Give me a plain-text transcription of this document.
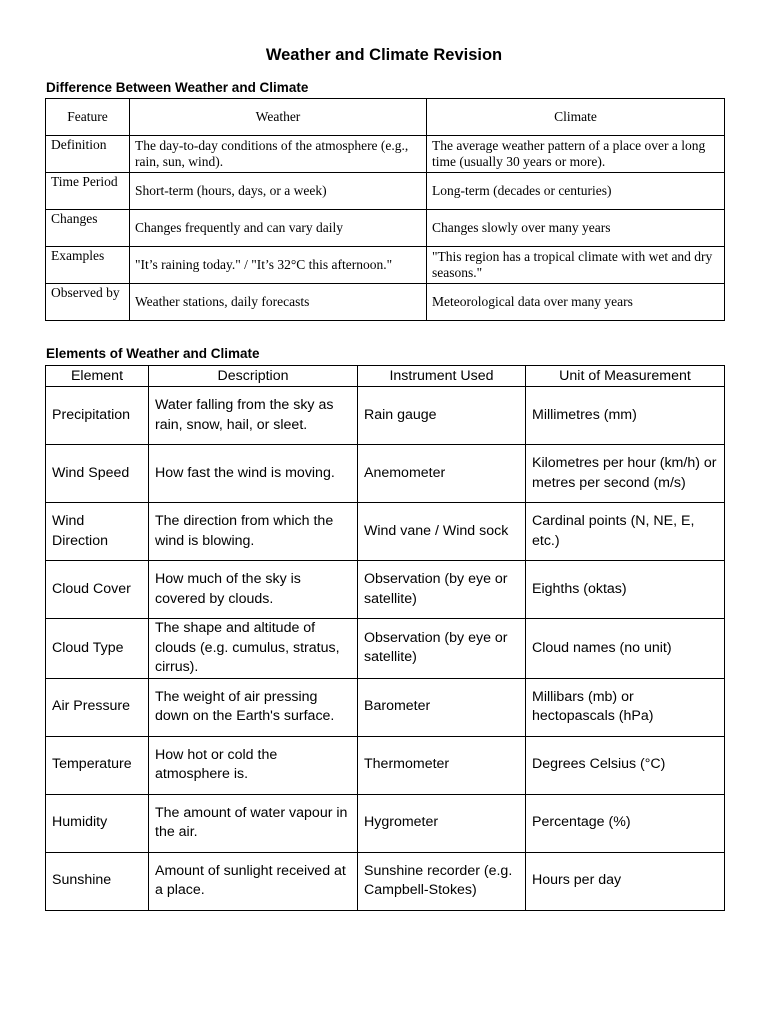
Weather and Climate Revision
Difference Between Weather and Climate
Feature	Weather	Climate
Definition	The day-to-day conditions of the atmosphere (e.g., rain, sun, wind).	The average weather pattern of a place over a long time (usually 30 years or more).
Time Period	Short-term (hours, days, or a week)	Long-term (decades or centuries)
Changes	Changes frequently and can vary daily	Changes slowly over many years
Examples	"It’s raining today." / "It’s 32°C this afternoon."	"This region has a tropical climate with wet and dry seasons."
Observed by	Weather stations, daily forecasts	Meteorological data over many years
Elements of Weather and Climate
Element	Description	Instrument Used	Unit of Measurement
Precipitation	Water falling from the sky as rain, snow, hail, or sleet.	Rain gauge	Millimetres (mm)
Wind Speed	How fast the wind is moving.	Anemometer	Kilometres per hour (km/h) or metres per second (m/s)
Wind Direction	The direction from which the wind is blowing.	Wind vane / Wind sock	Cardinal points (N, NE, E, etc.)
Cloud Cover	How much of the sky is covered by clouds.	Observation (by eye or satellite)	Eighths (oktas)
Cloud Type	The shape and altitude of clouds (e.g. cumulus, stratus, cirrus).	Observation (by eye or satellite)	Cloud names (no unit)
Air Pressure	The weight of air pressing down on the Earth's surface.	Barometer	Millibars (mb) or hectopascals (hPa)
Temperature	How hot or cold the atmosphere is.	Thermometer	Degrees Celsius (°C)
Humidity	The amount of water vapour in the air.	Hygrometer	Percentage (%)
Sunshine	Amount of sunlight received at a place.	Sunshine recorder (e.g. Campbell-Stokes)	Hours per day
